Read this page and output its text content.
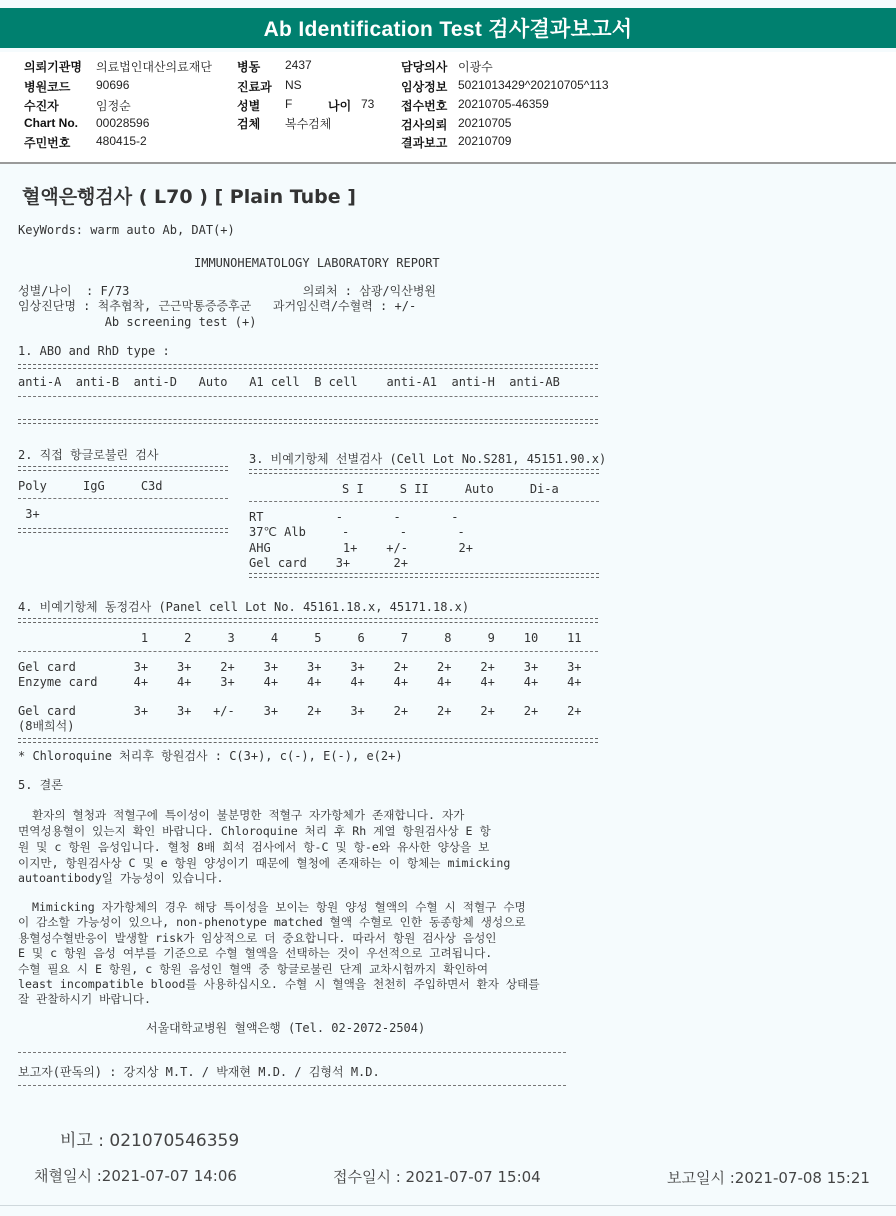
Ab Identification Test 검사결과보고서
의뢰기관명 의료법인대산의료재단
병원코드 90696
수진자	임정순
Chart No. 00028596
주민번호 480415-2
병동 2437
진료과 NS
성별 F	나이 73
검체 복수검체
담당의사 이광수
임상정보 5021013429^20210705^113
접수번호 20210705-46359
검사의뢰 20210705
결과보고 20210709
혈액은행검사 ( L70 ) [ Plain Tube ]
KeyWords: warm auto Ab, DAT(+)
IMMUNOHEMATOLOGY LABORATORY REPORT
성별/나이  : F/73                        의뢰처 : 삼광/익산병원
임상진단명 : 척추협착, 근근막통증증후군   과거임신력/수혈력 : +/-
Ab screening test (+)
1. ABO and RhD type :
anti-A  anti-B  anti-D   Auto   A1 cell  B cell    anti-A1  anti-H  anti-AB
2. 직접 항글로불린 검사
Poly     IgG     C3d
3+
3. 비예기항체 선별검사 (Cell Lot No.S281, 45151.90.x)
S I     S II     Auto     Di-a
RT          -       -       -
37℃ Alb     -       -       -
AHG          1+    +/-       2+
Gel card    3+      2+
4. 비예기항체 동정검사 (Panel cell Lot No. 45161.18.x, 45171.18.x)
1     2     3     4     5     6     7     8     9    10    11
Gel card        3+    3+    2+    3+    3+    3+    2+    2+    2+    3+    3+
Enzyme card     4+    4+    3+    4+    4+    4+    4+    4+    4+    4+    4+
Gel card        3+    3+   +/-    3+    2+    3+    2+    2+    2+    2+    2+
(8배희석)
* Chloroquine 처리후 항원검사 : C(3+), c(-), E(-), e(2+)
5. 결론
환자의 혈청과 적혈구에 특이성이 불분명한 적혈구 자가항체가 존재합니다. 자가
면역성용혈이 있는지 확인 바랍니다. Chloroquine 처리 후 Rh 계열 항원검사상 E 항
원 및 c 항원 음성입니다. 혈청 8배 희석 검사에서 항-C 및 항-e와 유사한 양상을 보
이지만, 항원검사상 C 및 e 항원 양성이기 때문에 혈청에 존재하는 이 항체는 mimicking
autoantibody일 가능성이 있습니다.
Mimicking 자가항체의 경우 해당 특이성을 보이는 항원 양성 혈액의 수혈 시 적혈구 수명
이 감소할 가능성이 있으나, non-phenotype matched 혈액 수혈로 인한 동종항체 생성으로
용혈성수혈반응이 발생할 risk가 임상적으로 더 중요합니다. 따라서 항원 검사상 음성인
E 및 c 항원 음성 여부를 기준으로 수혈 혈액을 선택하는 것이 우선적으로 고려됩니다.
수혈 필요 시 E 항원, c 항원 음성인 혈액 중 항글로불린 단계 교차시험까지 확인하여
least incompatible blood를 사용하십시오. 수혈 시 혈액을 천천히 주입하면서 환자 상태를
잘 관찰하시기 바랍니다.
서울대학교병원 혈액은행 (Tel. 02-2072-2504)
보고자(판독의) : 강지상 M.T. / 박재현 M.D. / 김형석 M.D.
비고 : 021070546359
채혈일시 :2021-07-07 14:06	접수일시 : 2021-07-07 15:04	보고일시 :2021-07-08 15:21
